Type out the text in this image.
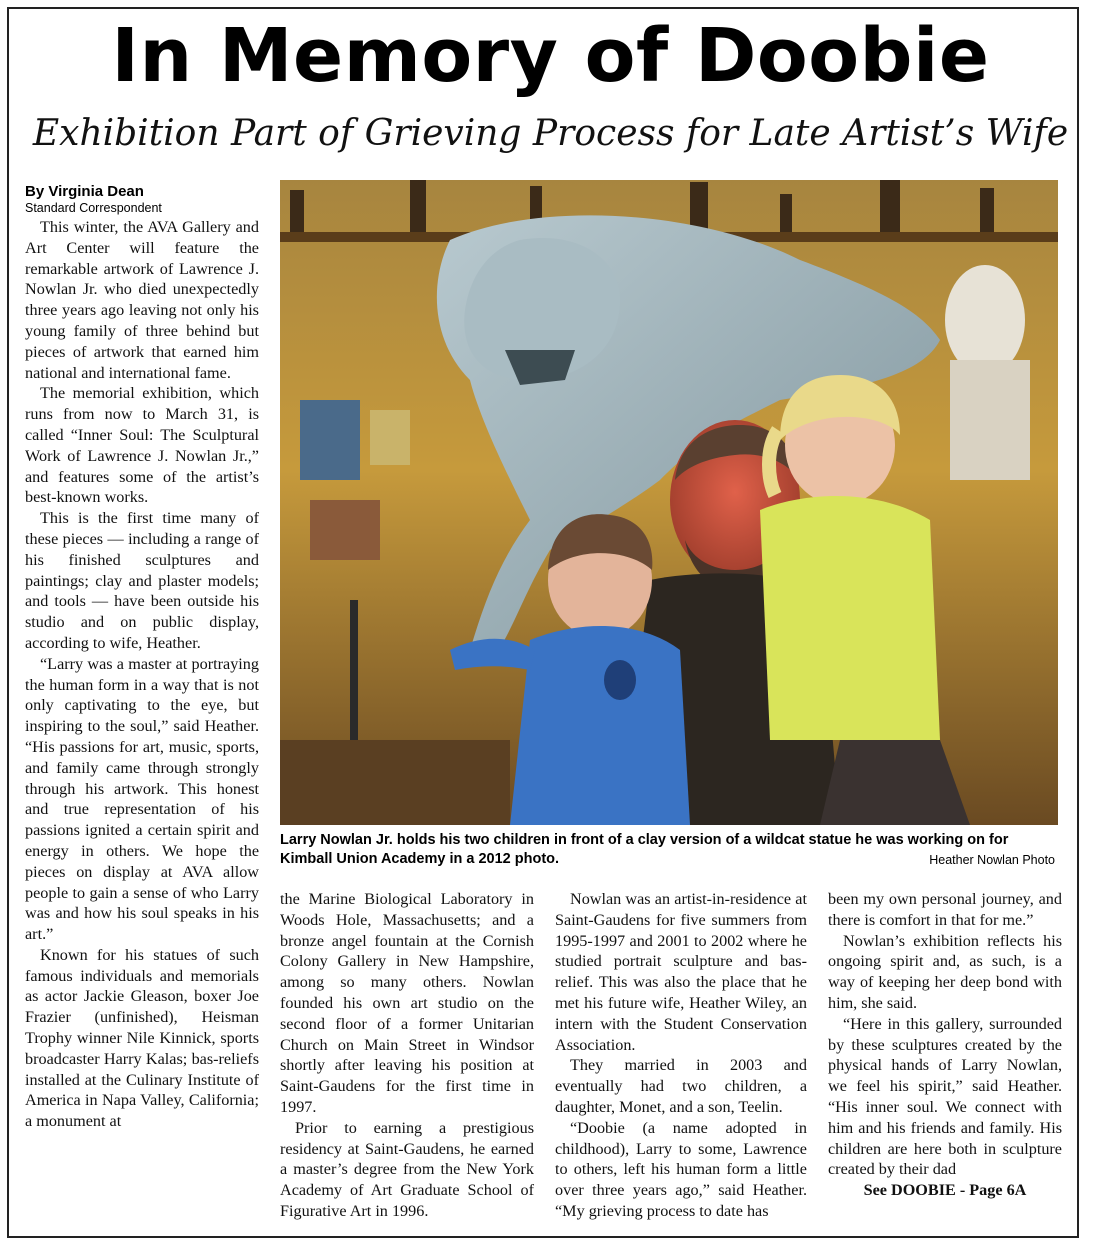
In Memory of Doobie
Exhibition Part of Grieving Process for Late Artist’s Wife

By Virginia Dean

Standard Correspondent

This winter, the AVA Gallery and Art Center will feature the remarkable artwork of Lawrence J. Nowlan Jr. who died unexpectedly three years ago leaving not only his young family of three behind but pieces of artwork that earned him national and international fame.

The memorial exhibition, which runs from now to March 31, is called “Inner Soul: The Sculptural Work of Lawrence J. Nowlan Jr.,” and features some of the artist’s best-known works.

This is the first time many of these pieces — including a range of his finished sculptures and paintings; clay and plaster models; and tools — have been outside his studio and on public display, according to wife, Heather.

“Larry was a master at portraying the human form in a way that is not only captivating to the eye, but inspiring to the soul,” said Heather. “His passions for art, music, sports, and family came through strongly through his artwork. This honest and true representation of his passions ignited a certain spirit and energy in others. We hope the pieces on display at AVA allow people to gain a sense of who Larry was and how his soul speaks in his art.”

Known for his statues of such famous individuals and memorials as actor Jackie Gleason, boxer Joe Frazier (unfinished), Heisman Trophy winner Nile Kinnick, sports broadcaster Harry Kalas; bas-reliefs installed at the Culinary Institute of America in Napa Valley, California; a monument at

Larry Nowlan Jr. holds his two children in front of a clay version of a wildcat statue he was working on for Kimball Union Academy in a 2012 photo.	Heather Nowlan Photo

the Marine Biological Laboratory in Woods Hole, Massachusetts; and a bronze angel fountain at the Cornish Colony Gallery in New Hampshire, among so many others. Nowlan founded his own art studio on the second floor of a former Unitarian Church on Main Street in Windsor shortly after leaving his position at Saint-Gaudens for the first time in 1997.

Prior to earning a prestigious residency at Saint-Gaudens, he earned a master’s degree from the New York Academy of Art Graduate School of Figurative Art in 1996.

Nowlan was an artist-in-residence at Saint-Gaudens for five summers from 1995-1997 and 2001 to 2002 where he studied portrait sculpture and bas-relief. This was also the place that he met his future wife, Heather Wiley, an intern with the Student Conservation Association.

They married in 2003 and eventually had two children, a daughter, Monet, and a son, Teelin.

“Doobie (a name adopted in childhood), Larry to some, Lawrence to others, left his human form a little over three years ago,” said Heather. “My grieving process to date has

been my own personal journey, and there is comfort in that for me.”

Nowlan’s exhibition reflects his ongoing spirit and, as such, is a way of keeping her deep bond with him, she said.

“Here in this gallery, surrounded by these sculptures created by the physical hands of Larry Nowlan, we feel his spirit,” said Heather. “His inner soul. We connect with him and his friends and family. His children are here both in sculpture created by their dad

See DOOBIE - Page 6A
